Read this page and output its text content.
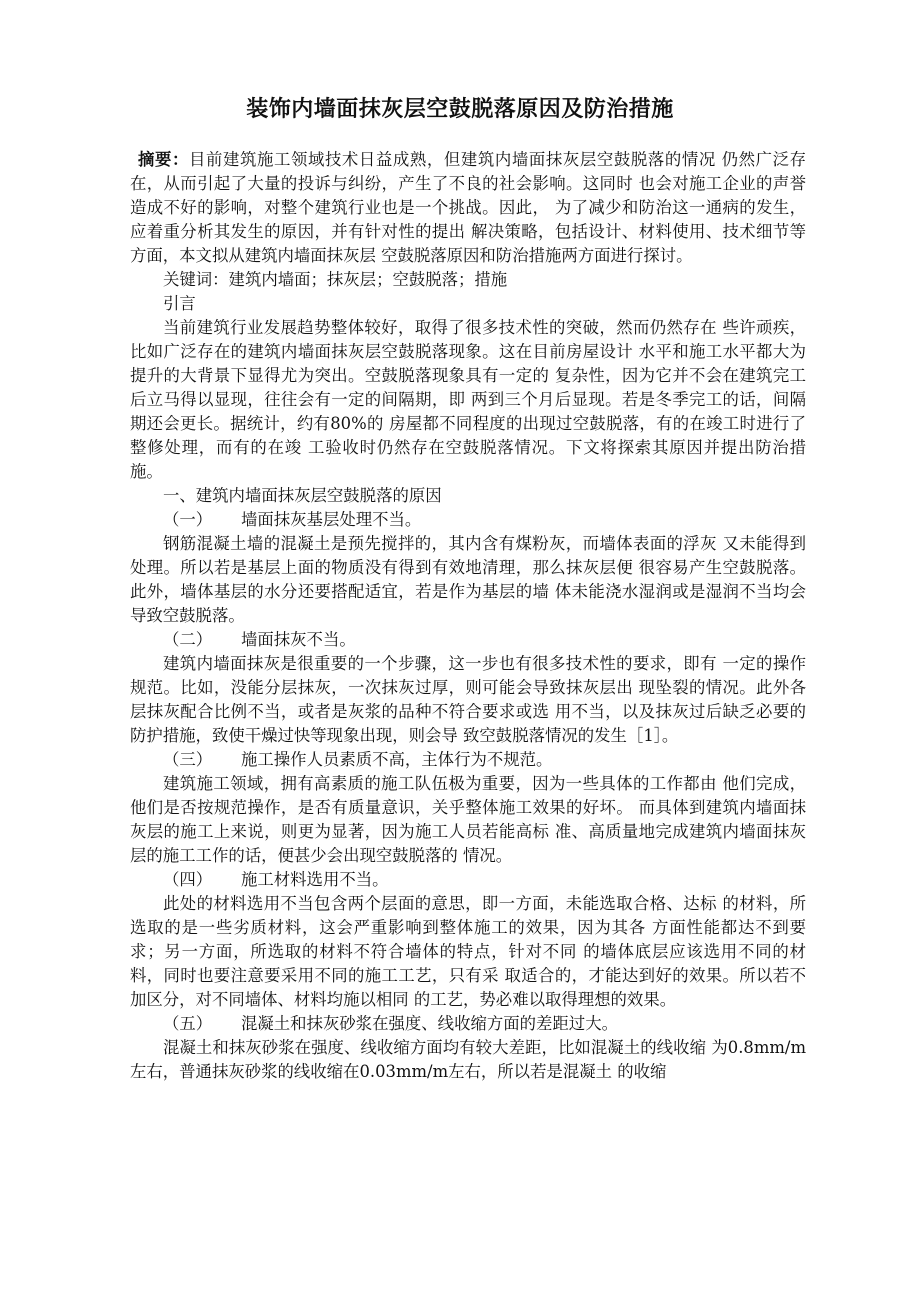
装饰内墙面抹灰层空鼓脱落原因及防治措施

摘要：目前建筑施工领域技术日益成熟，但建筑内墙面抹灰层空鼓脱落的情况 仍然广泛存在，从而引起了大量的投诉与纠纷，产生了不良的社会影响。这同时 也会对施工企业的声誉造成不好的影响，对整个建筑行业也是一个挑战。因此， 为了减少和防治这一通病的发生，应着重分析其发生的原因，并有针对性的提出 解决策略，包括设计、材料使用、技术细节等方面，本文拟从建筑内墙面抹灰层 空鼓脱落原因和防治措施两方面进行探讨。

关键词：建筑内墙面；抹灰层；空鼓脱落；措施

引言

当前建筑行业发展趋势整体较好，取得了很多技术性的突破，然而仍然存在 些许顽疾，比如广泛存在的建筑内墙面抹灰层空鼓脱落现象。这在目前房屋设计 水平和施工水平都大为提升的大背景下显得尤为突出。空鼓脱落现象具有一定的 复杂性，因为它并不会在建筑完工后立马得以显现，往往会有一定的间隔期，即 两到三个月后显现。若是冬季完工的话，间隔期还会更长。据统计，约有80%的 房屋都不同程度的出现过空鼓脱落，有的在竣工时进行了整修处理，而有的在竣 工验收时仍然存在空鼓脱落情况。下文将探索其原因并提出防治措施。

一、建筑内墙面抹灰层空鼓脱落的原因

（一） 墙面抹灰基层处理不当。

钢筋混凝土墙的混凝土是预先搅拌的，其内含有煤粉灰，而墙体表面的浮灰 又未能得到处理。所以若是基层上面的物质没有得到有效地清理，那么抹灰层便 很容易产生空鼓脱落。此外，墙体基层的水分还要搭配适宜，若是作为基层的墙 体未能浇水湿润或是湿润不当均会导致空鼓脱落。

（二） 墙面抹灰不当。

建筑内墙面抹灰是很重要的一个步骤，这一步也有很多技术性的要求，即有 一定的操作规范。比如，没能分层抹灰，一次抹灰过厚，则可能会导致抹灰层出 现坠裂的情况。此外各层抹灰配合比例不当，或者是灰浆的品种不符合要求或选 用不当，以及抹灰过后缺乏必要的防护措施，致使干燥过快等现象出现，则会导 致空鼓脱落情况的发生［1］。

（三） 施工操作人员素质不高，主体行为不规范。

建筑施工领域，拥有高素质的施工队伍极为重要，因为一些具体的工作都由 他们完成，他们是否按规范操作，是否有质量意识，关乎整体施工效果的好坏。 而具体到建筑内墙面抹灰层的施工上来说，则更为显著，因为施工人员若能高标 准、高质量地完成建筑内墙面抹灰层的施工工作的话，便甚少会出现空鼓脱落的 情况。

（四） 施工材料选用不当。

此处的材料选用不当包含两个层面的意思，即一方面，未能选取合格、达标 的材料，所选取的是一些劣质材料，这会严重影响到整体施工的效果，因为其各 方面性能都达不到要求；另一方面，所选取的材料不符合墙体的特点，针对不同 的墙体底层应该选用不同的材料，同时也要注意要采用不同的施工工艺，只有采 取适合的，才能达到好的效果。所以若不加区分，对不同墙体、材料均施以相同 的工艺，势必难以取得理想的效果。

（五） 混凝土和抹灰砂浆在强度、线收缩方面的差距过大。

混凝土和抹灰砂浆在强度、线收缩方面均有较大差距，比如混凝土的线收缩 为0.8mm/m左右，普通抹灰砂浆的线收缩在0.03mm/m左右，所以若是混凝土 的收缩
